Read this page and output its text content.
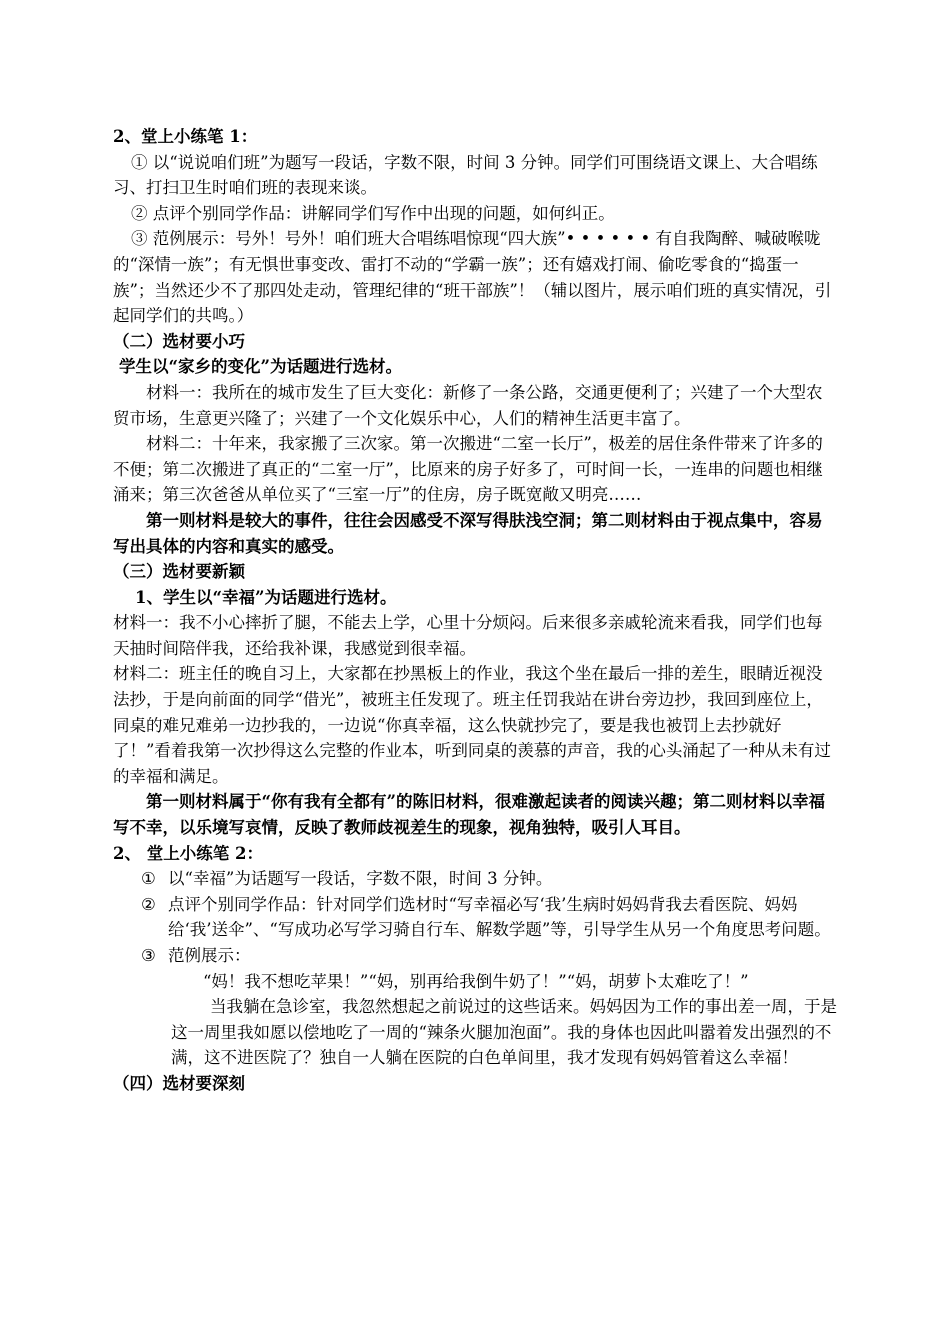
2、堂上小练笔 1：

① 以“说说咱们班”为题写一段话，字数不限，时间 3 分钟。同学们可围绕语文课上、大合唱练习、打扫卫生时咱们班的表现来谈。

② 点评个别同学作品：讲解同学们写作中出现的问题，如何纠正。

③ 范例展示：号外！号外！咱们班大合唱练唱惊现“四大族”• • • • • • 有自我陶醉、喊破喉咙的“深情一族”；有无惧世事变改、雷打不动的“学霸一族”；还有嬉戏打闹、偷吃零食的“捣蛋一族”；当然还少不了那四处走动，管理纪律的“班干部族”！（辅以图片，展示咱们班的真实情况，引起同学们的共鸣。）

（二）选材要小巧

学生以“家乡的变化”为话题进行选材。

材料一：我所在的城市发生了巨大变化：新修了一条公路，交通更便利了；兴建了一个大型农贸市场，生意更兴隆了；兴建了一个文化娱乐中心，人们的精神生活更丰富了。

材料二：十年来，我家搬了三次家。第一次搬进“二室一长厅”，极差的居住条件带来了许多的不便；第二次搬进了真正的“二室一厅”，比原来的房子好多了，可时间一长，一连串的问题也相继涌来；第三次爸爸从单位买了“三室一厅”的住房，房子既宽敞又明亮……

第一则材料是较大的事件，往往会因感受不深写得肤浅空洞；第二则材料由于视点集中，容易写出具体的内容和真实的感受。

（三）选材要新颖

1、学生以“幸福”为话题进行选材。

材料一：我不小心摔折了腿，不能去上学，心里十分烦闷。后来很多亲戚轮流来看我，同学们也每天抽时间陪伴我，还给我补课，我感觉到很幸福。

材料二：班主任的晚自习上，大家都在抄黑板上的作业，我这个坐在最后一排的差生，眼睛近视没法抄，于是向前面的同学“借光”，被班主任发现了。班主任罚我站在讲台旁边抄，我回到座位上，同桌的难兄难弟一边抄我的，一边说“你真幸福，这么快就抄完了，要是我也被罚上去抄就好了！”看着我第一次抄得这么完整的作业本，听到同桌的羡慕的声音，我的心头涌起了一种从未有过的幸福和满足。

第一则材料属于“你有我有全都有”的陈旧材料，很难激起读者的阅读兴趣；第二则材料以幸福写不幸，以乐境写哀情，反映了教师歧视差生的现象，视角独特，吸引人耳目。

2、 堂上小练笔 2：

① 以“幸福”为话题写一段话，字数不限，时间 3 分钟。

② 点评个别同学作品：针对同学们选材时“写幸福必写‘我’生病时妈妈背我去看医院、妈妈给‘我’送伞”、“写成功必写学习骑自行车、解数学题”等，引导学生从另一个角度思考问题。

③ 范例展示：

“妈！我不想吃苹果！”“妈，别再给我倒牛奶了！”“妈，胡萝卜太难吃了！”

当我躺在急诊室，我忽然想起之前说过的这些话来。妈妈因为工作的事出差一周，于是这一周里我如愿以偿地吃了一周的“辣条火腿加泡面”。我的身体也因此叫嚣着发出强烈的不满，这不进医院了？独自一人躺在医院的白色单间里，我才发现有妈妈管着这么幸福！

（四）选材要深刻
